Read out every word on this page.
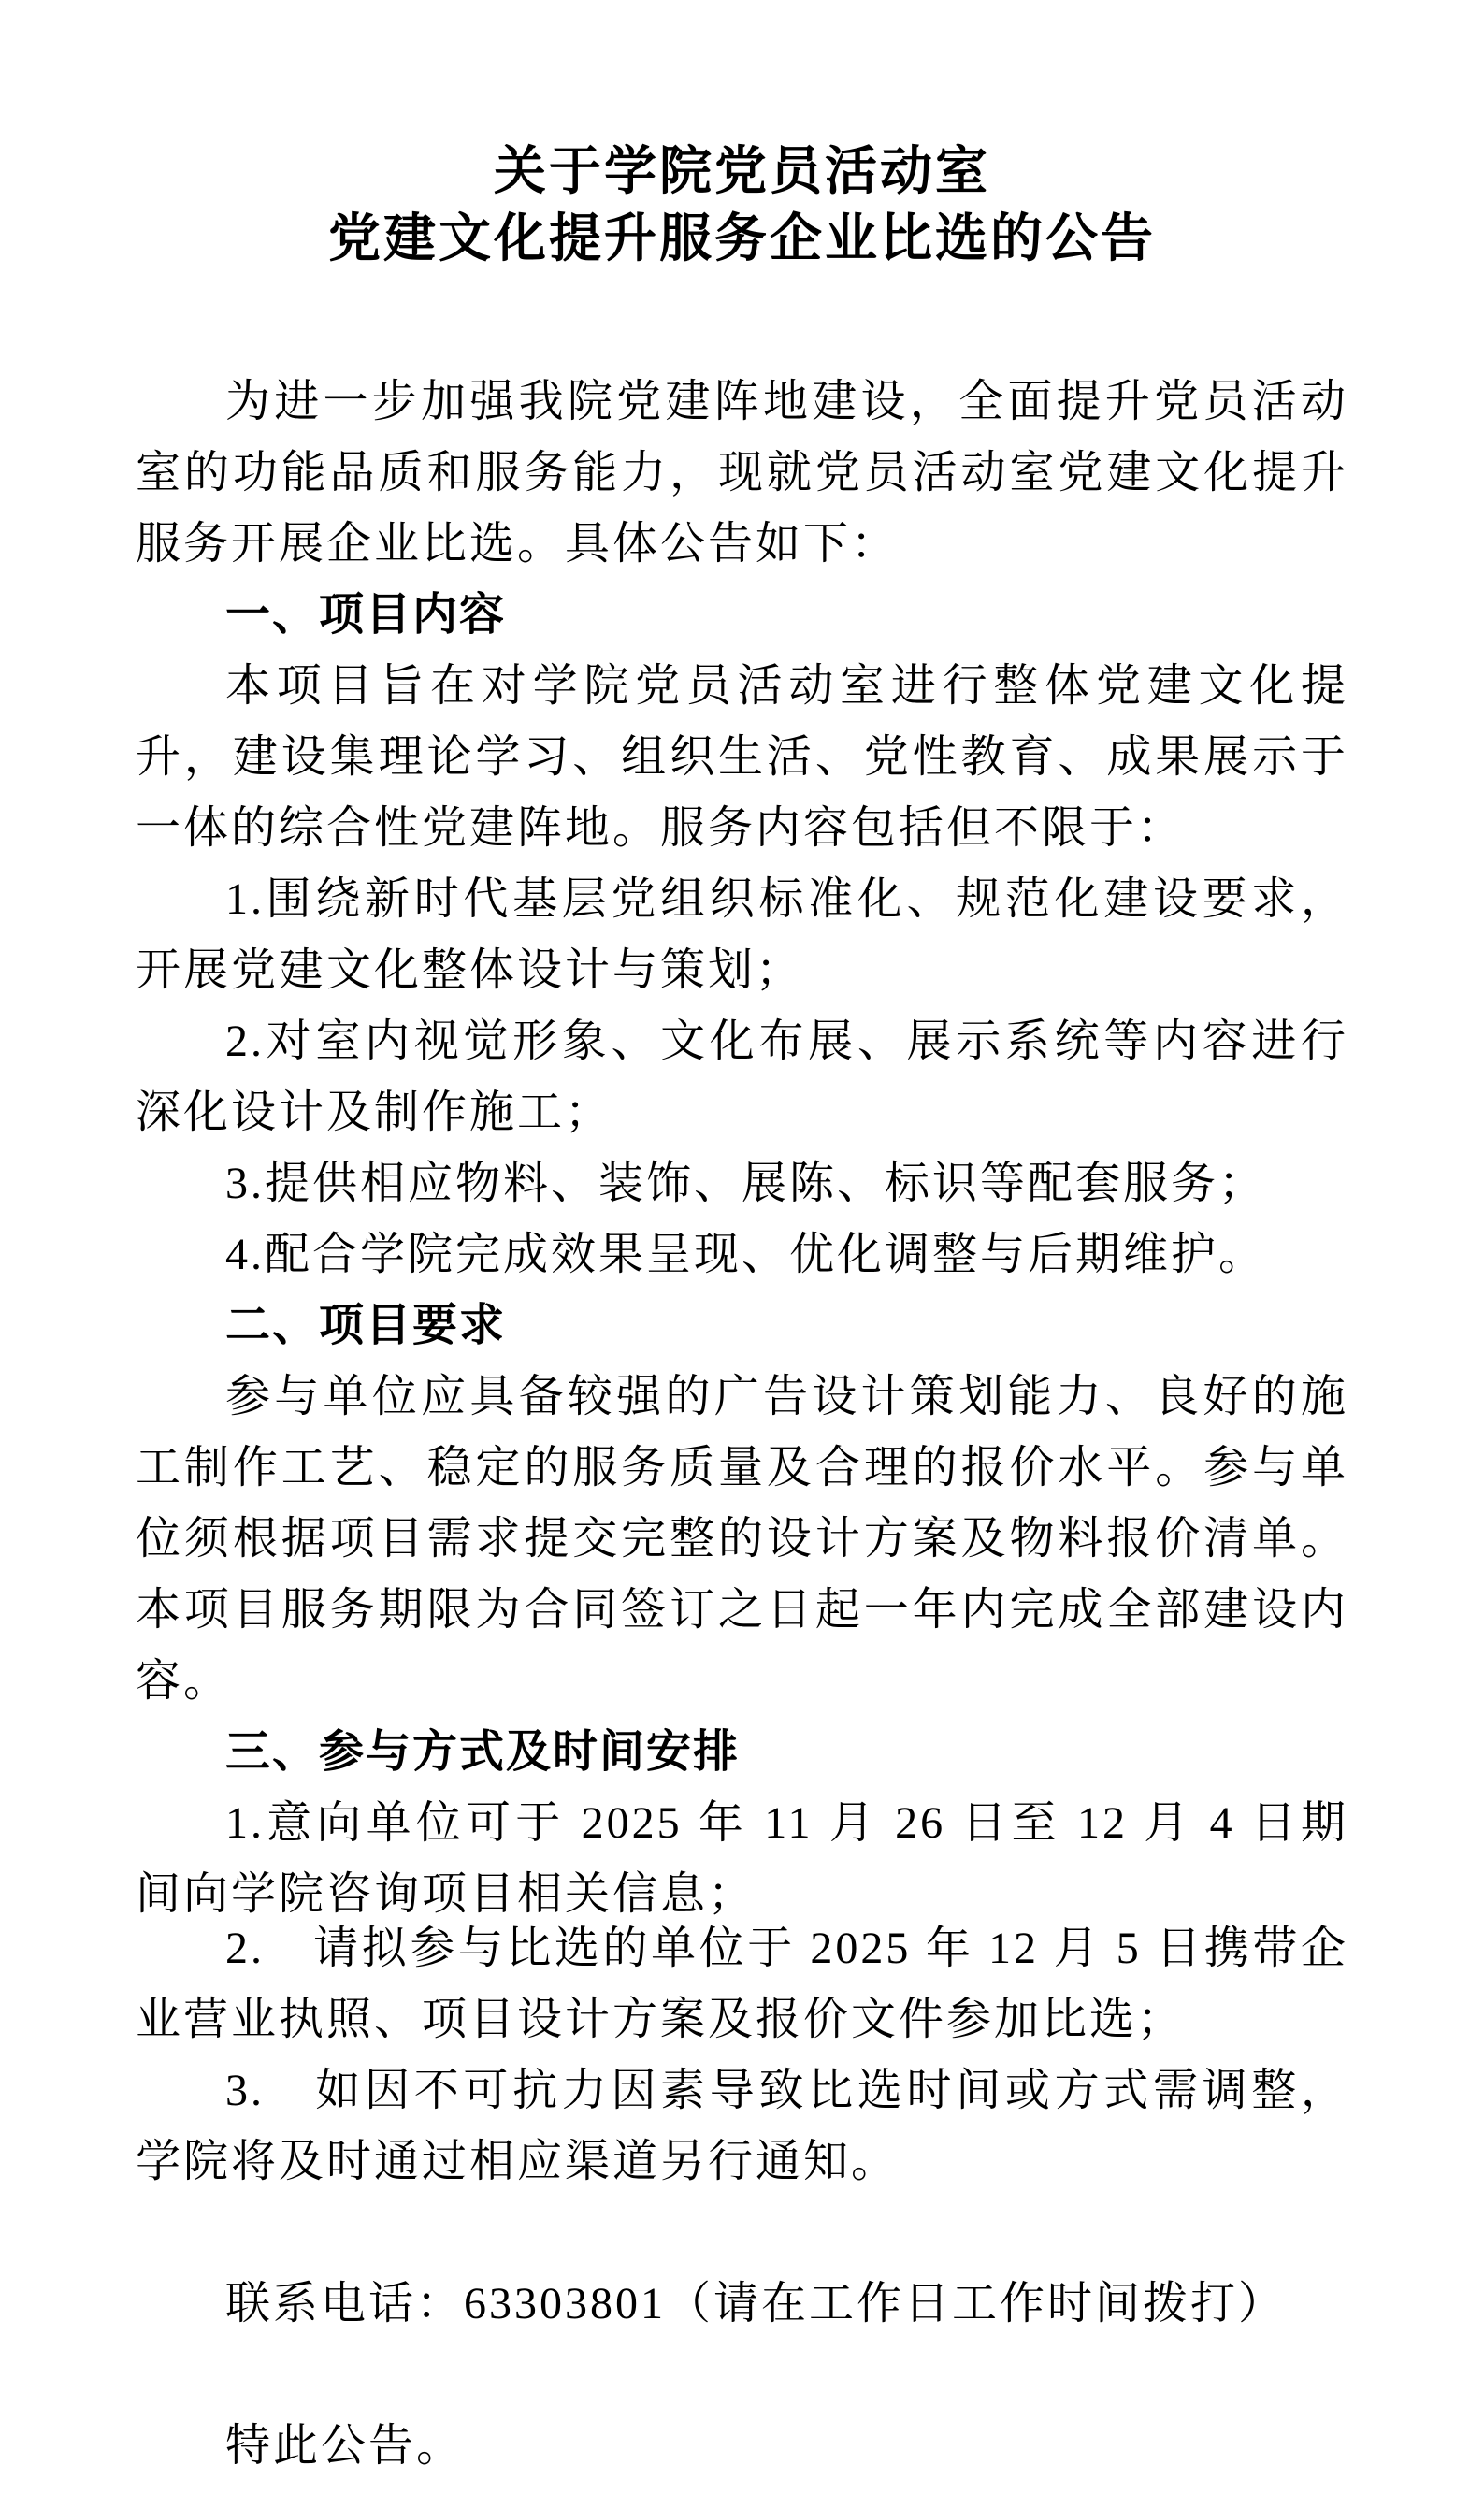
关于学院党员活动室
党建文化提升服务企业比选的公告

为进一步加强我院党建阵地建设，全面提升党员活动室的功能品质和服务能力，现就党员活动室党建文化提升服务开展企业比选。具体公告如下：

一、项目内容

本项目旨在对学院党员活动室进行整体党建文化提升，建设集理论学习、组织生活、党性教育、成果展示于一体的综合性党建阵地。服务内容包括但不限于：

1.围绕新时代基层党组织标准化、规范化建设要求，开展党建文化整体设计与策划；

2.对室内视觉形象、文化布展、展示系统等内容进行深化设计及制作施工；

3.提供相应物料、装饰、展陈、标识等配套服务；

4.配合学院完成效果呈现、优化调整与后期维护。

二、项目要求

参与单位应具备较强的广告设计策划能力、良好的施工制作工艺、稳定的服务质量及合理的报价水平。参与单位须根据项目需求提交完整的设计方案及物料报价清单。本项目服务期限为合同签订之日起一年内完成全部建设内容。

三、参与方式及时间安排

1.意向单位可于 2025 年 11 月 26 日至 12 月 4 日期间向学院咨询项目相关信息；

2.　请拟参与比选的单位于 2025 年 12 月 5 日携带企业营业执照、项目设计方案及报价文件参加比选；

3.　如因不可抗力因素导致比选时间或方式需调整，学院将及时通过相应渠道另行通知。

联系电话：63303801（请在工作日工作时间拨打）

特此公告。
